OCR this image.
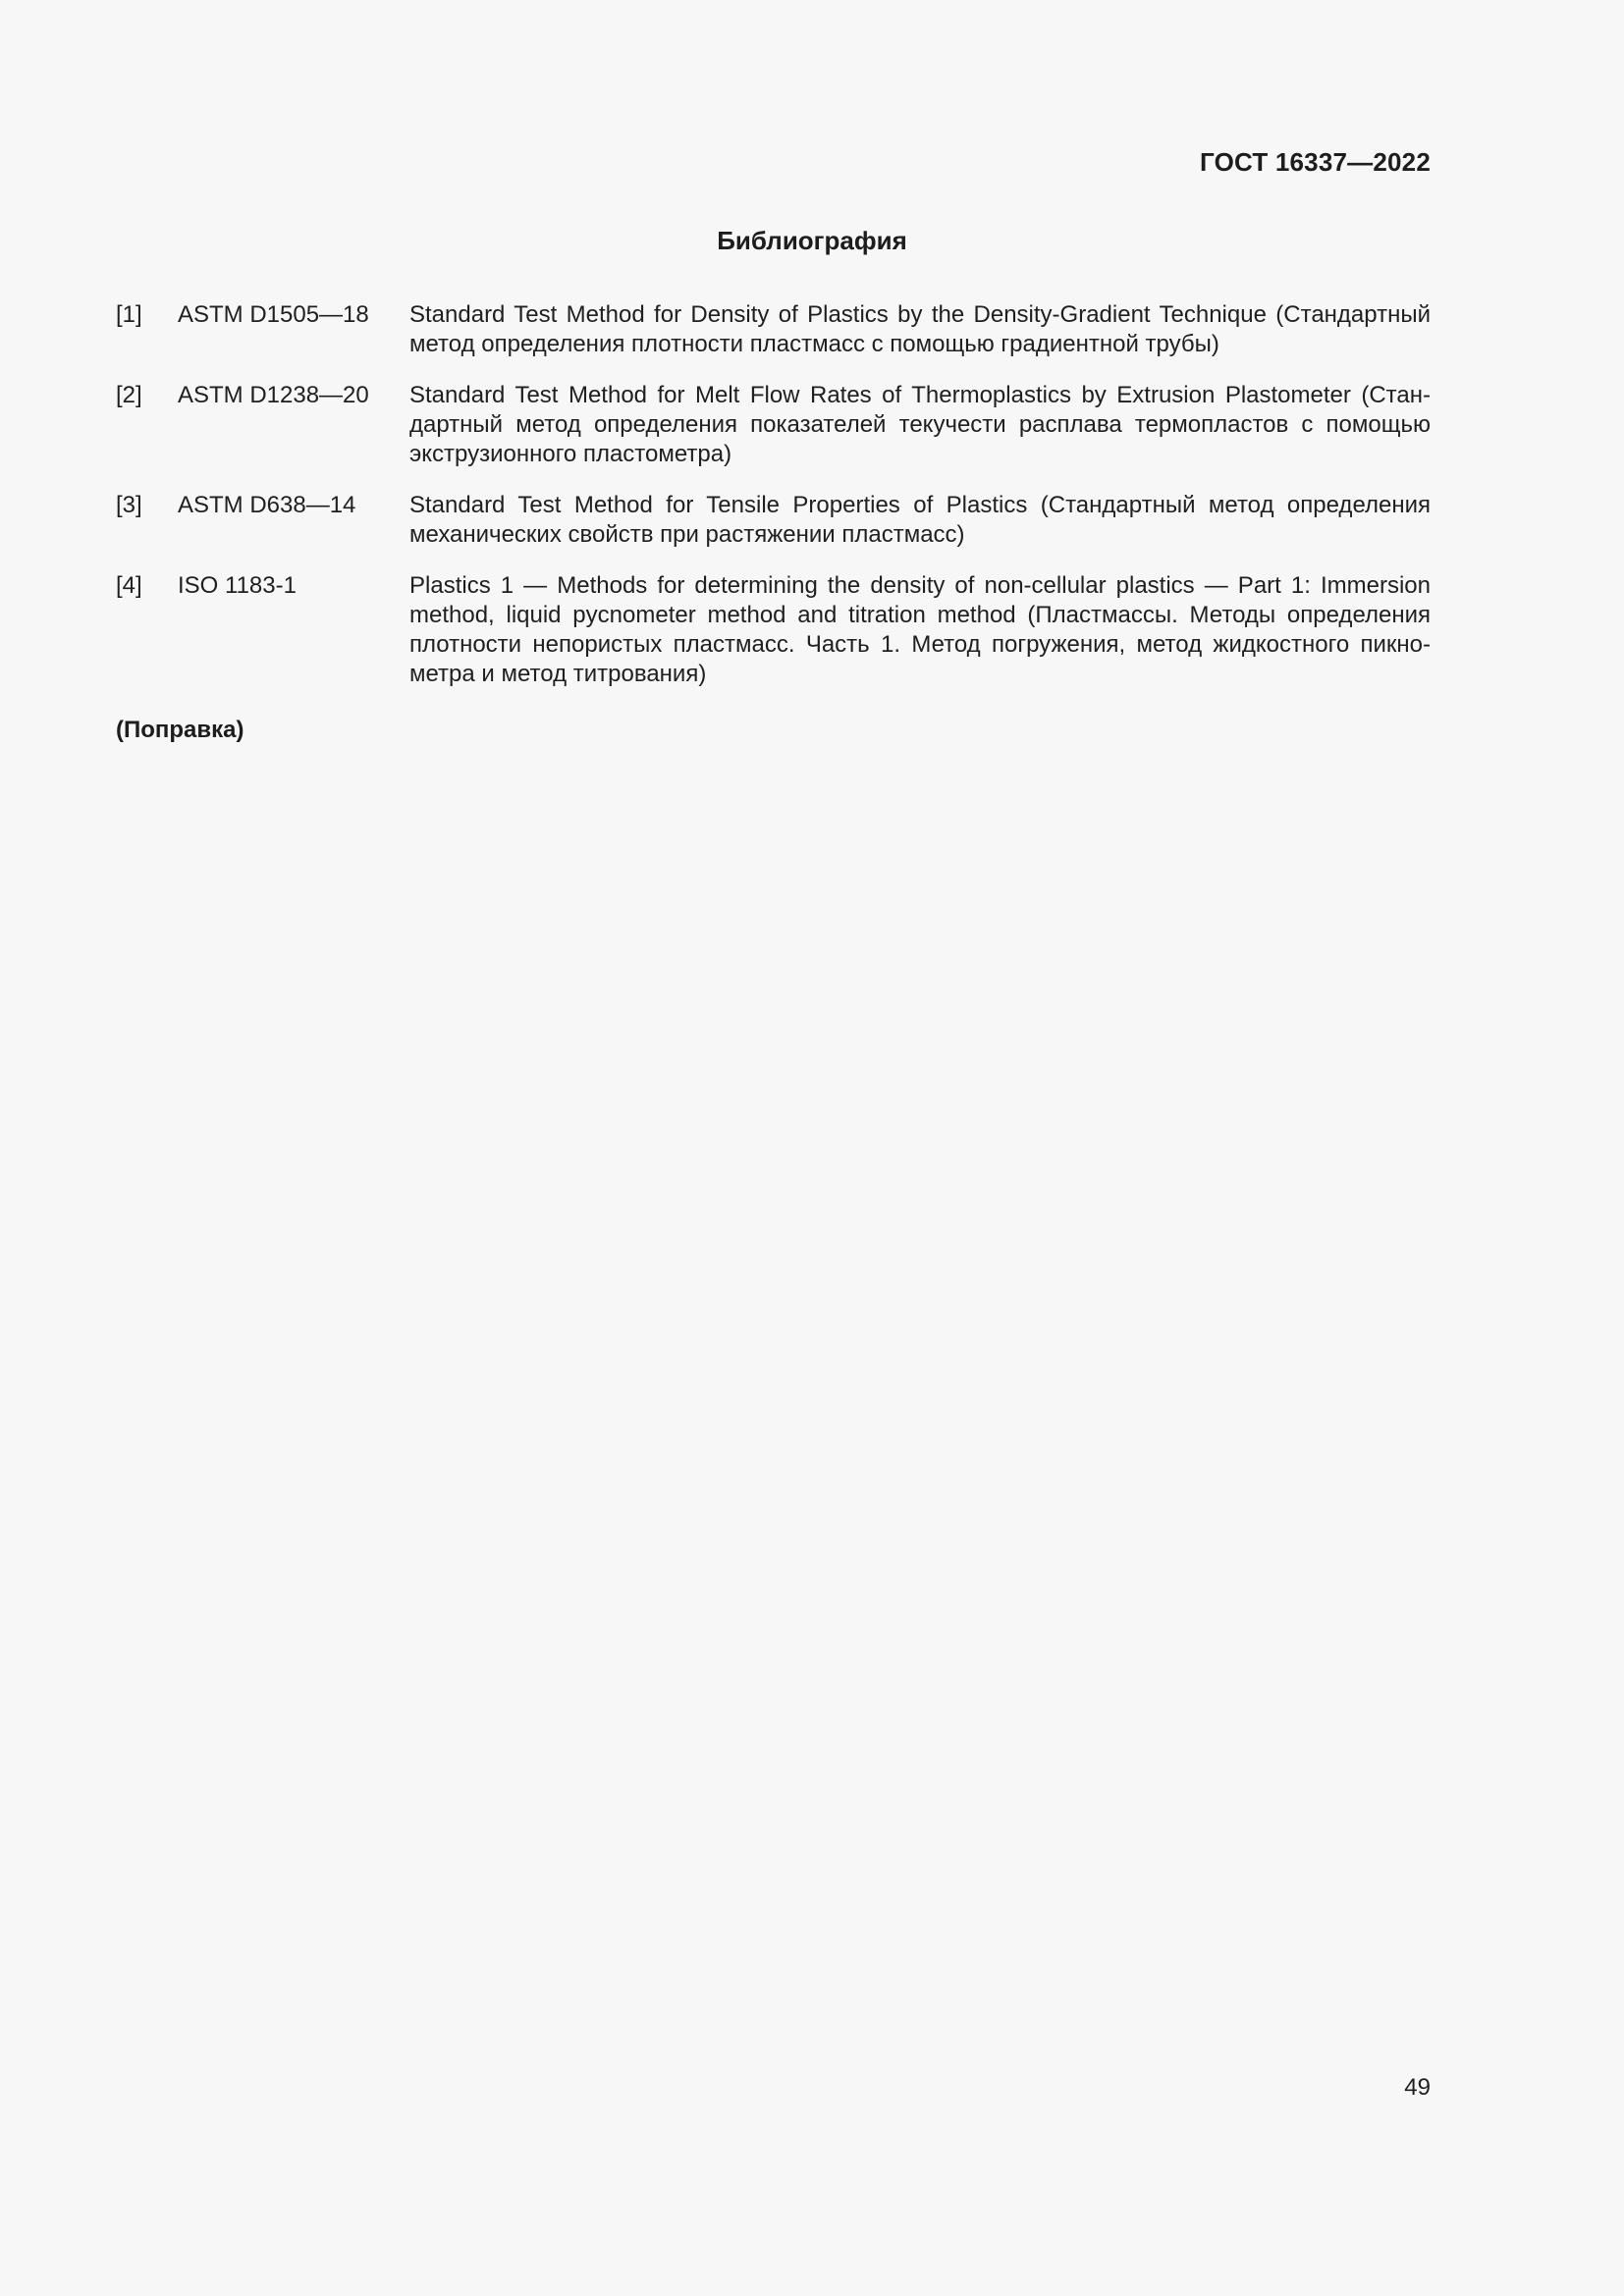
ГОСТ 16337—2022
Библиография
[1]	ASTM D1505—18	Standard Test Method for Density of Plastics by the Density-Gradient Technique (Стандартный метод определения плотности пластмасс с помощью градиентной трубы)
[2]	ASTM D1238—20	Standard Test Method for Melt Flow Rates of Thermoplastics by Extrusion Plastometer (Стандартный метод определения показателей текучести расплава термопластов с помощью экструзионного пластометра)
[3]	ASTM D638—14	Standard Test Method for Tensile Properties of Plastics (Стандартный метод определения механических свойств при растяжении пластмасс)
[4]	ISO 1183-1	Plastics 1 — Methods for determining the density of non-cellular plastics — Part 1: Immersion method, liquid pycnometer method and titration method (Пластмассы. Методы определения плотности непористых пластмасс. Часть 1. Метод погружения, метод жидкостного пикнометра и метод титрования)
(Поправка)
49
